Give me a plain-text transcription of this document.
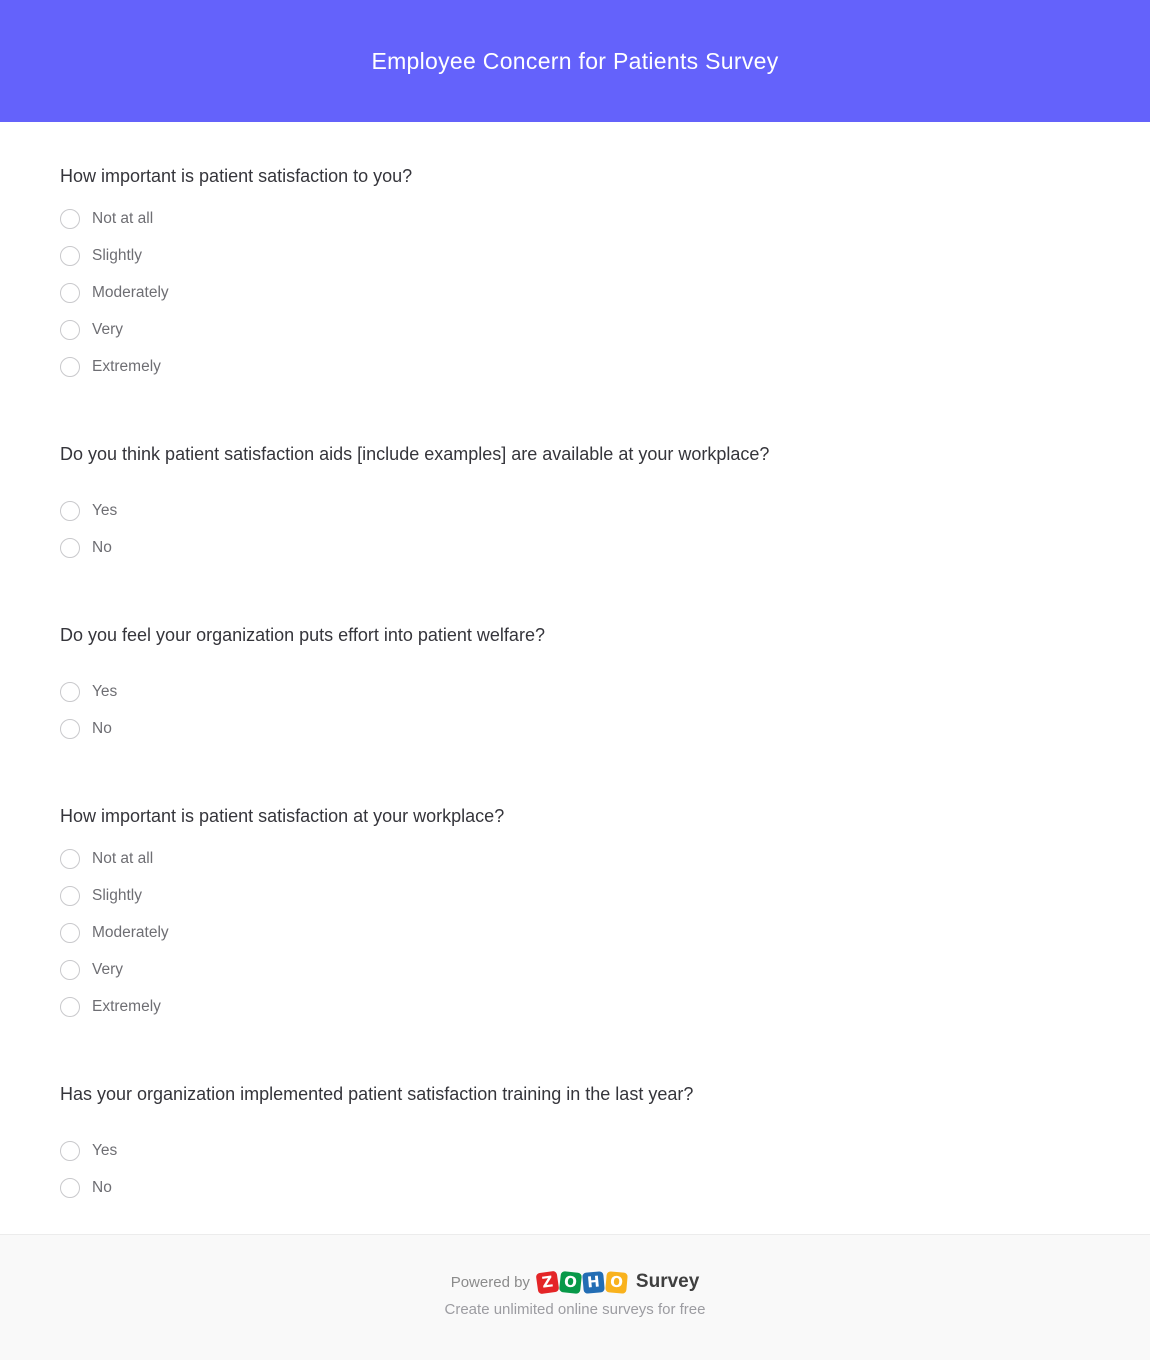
Employee Concern for Patients Survey
How important is patient satisfaction to you?
Not at all
Slightly
Moderately
Very
Extremely
Do you think patient satisfaction aids [include examples] are available at your workplace?
Yes
No
Do you feel your organization puts effort into patient welfare?
Yes
No
How important is patient satisfaction at your workplace?
Not at all
Slightly
Moderately
Very
Extremely
Has your organization implemented patient satisfaction training in the last year?
Yes
No
Powered by Z O H O Survey
Create unlimited online surveys for free
